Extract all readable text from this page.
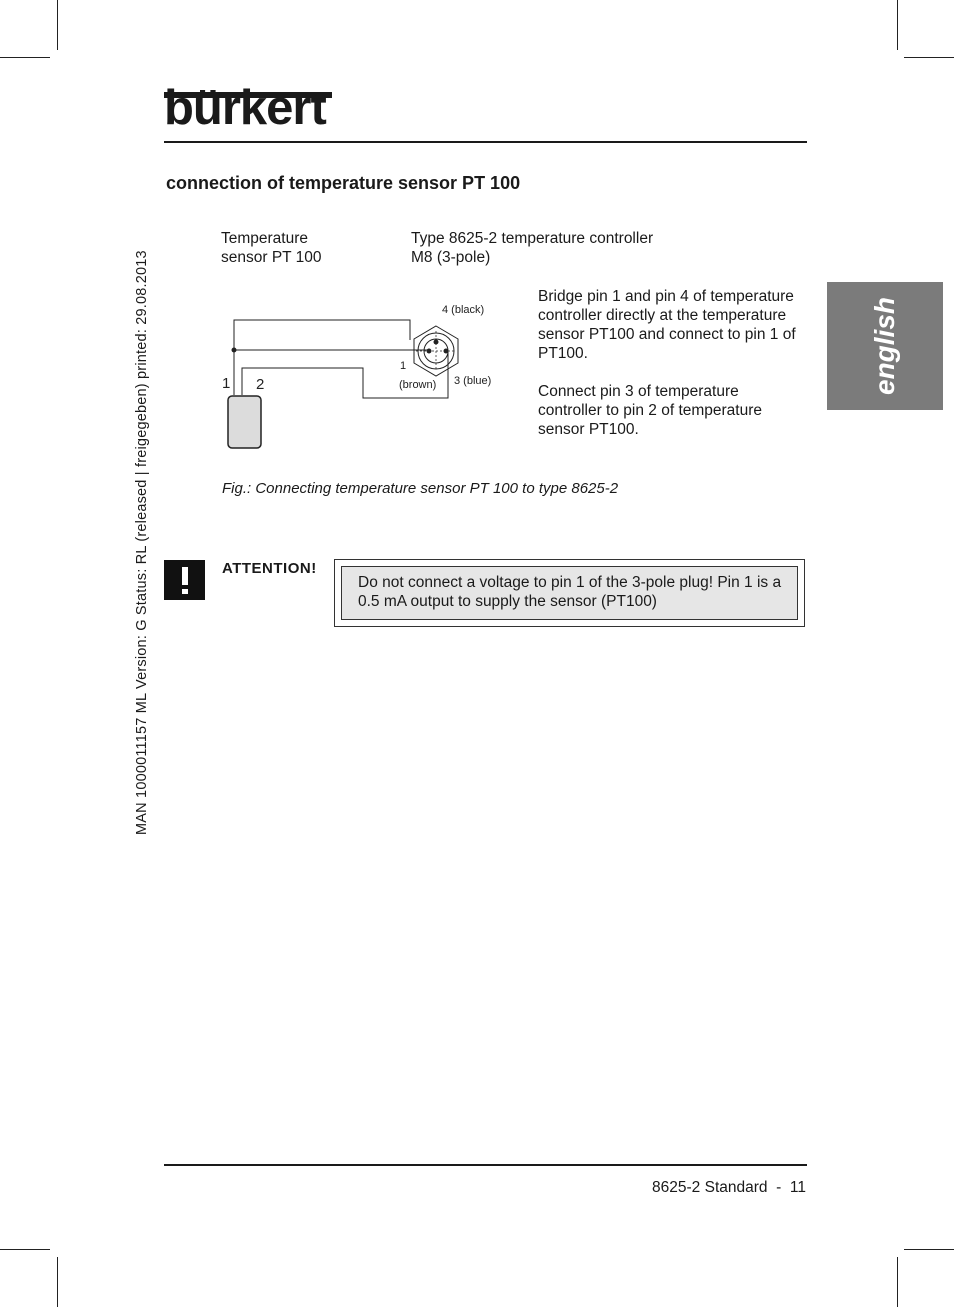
bürkert
MAN 1000011157 ML Version: G Status: RL (released | freigegeben) printed: 29.08.2013	english
connection of temperature sensor PT 100
Temperature
sensor PT 100
Type 8625-2 temperature controller
M8 (3-pole)
4 (black)
1
(brown) 3 (blue)
1 2
Bridge pin 1 and pin 4 of temperature controller directly at the temperature sensor PT100 and connect to pin 1 of PT100.
Connect pin 3 of temperature controller to pin 2 of temperature sensor PT100.
Fig.: Connecting temperature sensor PT 100 to type 8625-2
ATTENTION!
Do not connect a voltage to pin 1 of the 3-pole plug! Pin 1 is a 0.5 mA output to supply the sensor (PT100)
8625-2 Standard  -  11
